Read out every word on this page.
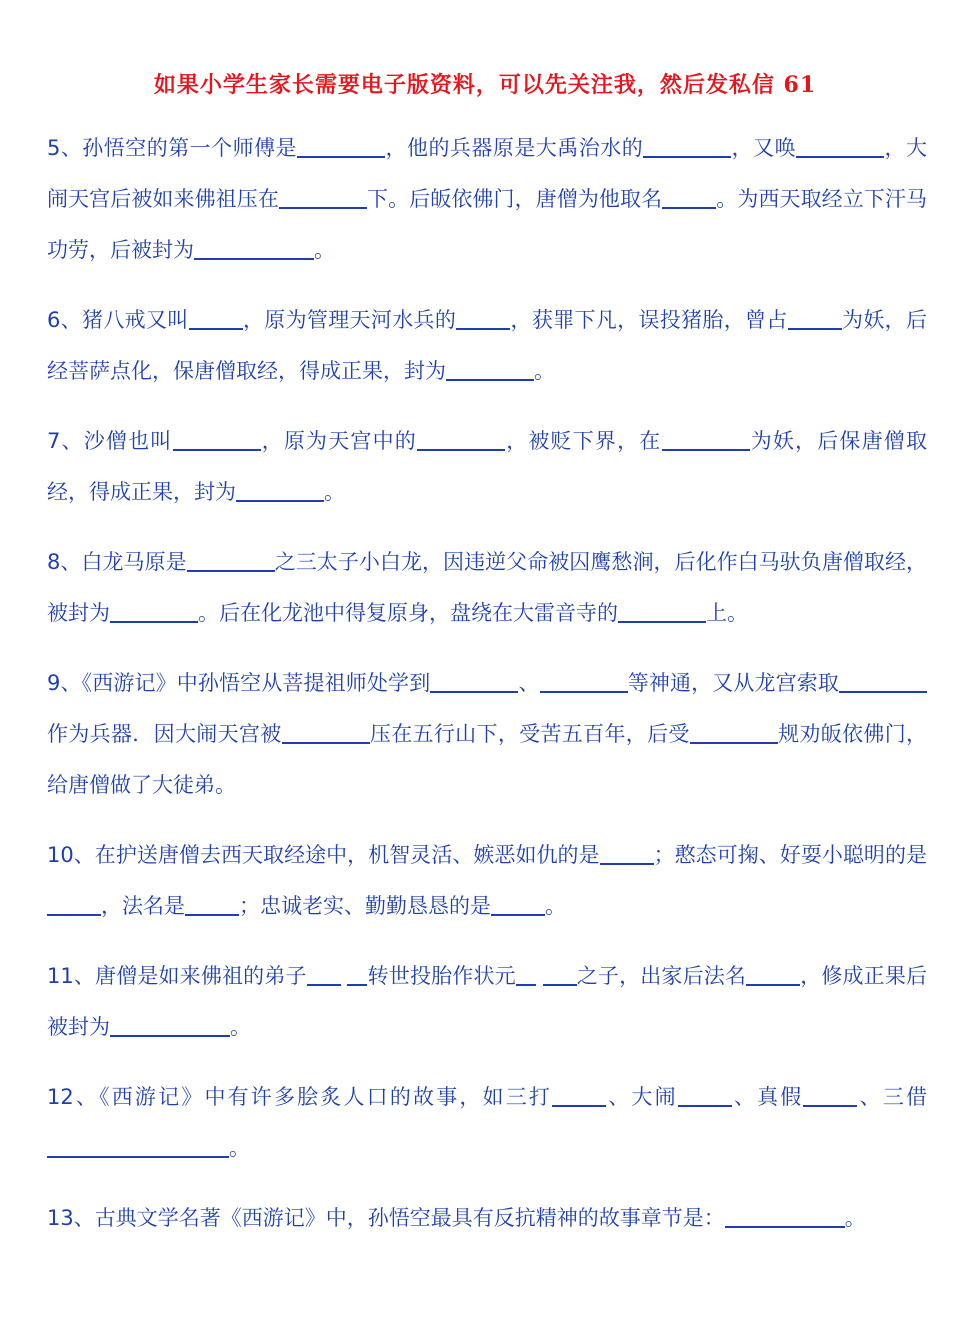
如果小学生家长需要电子版资料，可以先关注我，然后发私信 61

5、孙悟空的第一个师傅是	，他的兵器原是大禹治水的	，又唤	，大闹天宫后被如来佛祖压在	下。后皈依佛门，唐僧为他取名	。为西天取经立下汗马功劳，后被封为	。

6、猪八戒又叫	，原为管理天河水兵的	，获罪下凡，误投猪胎，曾占	为妖，后经菩萨点化，保唐僧取经，得成正果，封为	。

7、沙僧也叫	，原为天宫中的	，被贬下界，在	为妖，后保唐僧取经，得成正果，封为	。

8、白龙马原是	之三太子小白龙，因违逆父命被囚鹰愁涧，后化作白马驮负唐僧取经，被封为	。后在化龙池中得复原身，盘绕在大雷音寺的	上。

9、《西游记》中孙悟空从菩提祖师处学到	、	等神通，又从龙宫索取作为兵器．因大闹天宫被	压在五行山下，受苦五百年，后受	规劝皈依佛门，给唐僧做了大徒弟。

10、在护送唐僧去西天取经途中，机智灵活、嫉恶如仇的是	；憨态可掬、好耍小聪明的是，法名是	；忠诚老实、勤勤恳恳的是	。

11、唐僧是如来佛祖的弟子	转世投胎作状元	之子，出家后法名	，修成正果后被封为	。

12、《西游记》中有许多脍炙人口的故事，如三打	、大闹	、真假	、三借。

13、古典文学名著《西游记》中，孙悟空最具有反抗精神的故事章节是：	。
